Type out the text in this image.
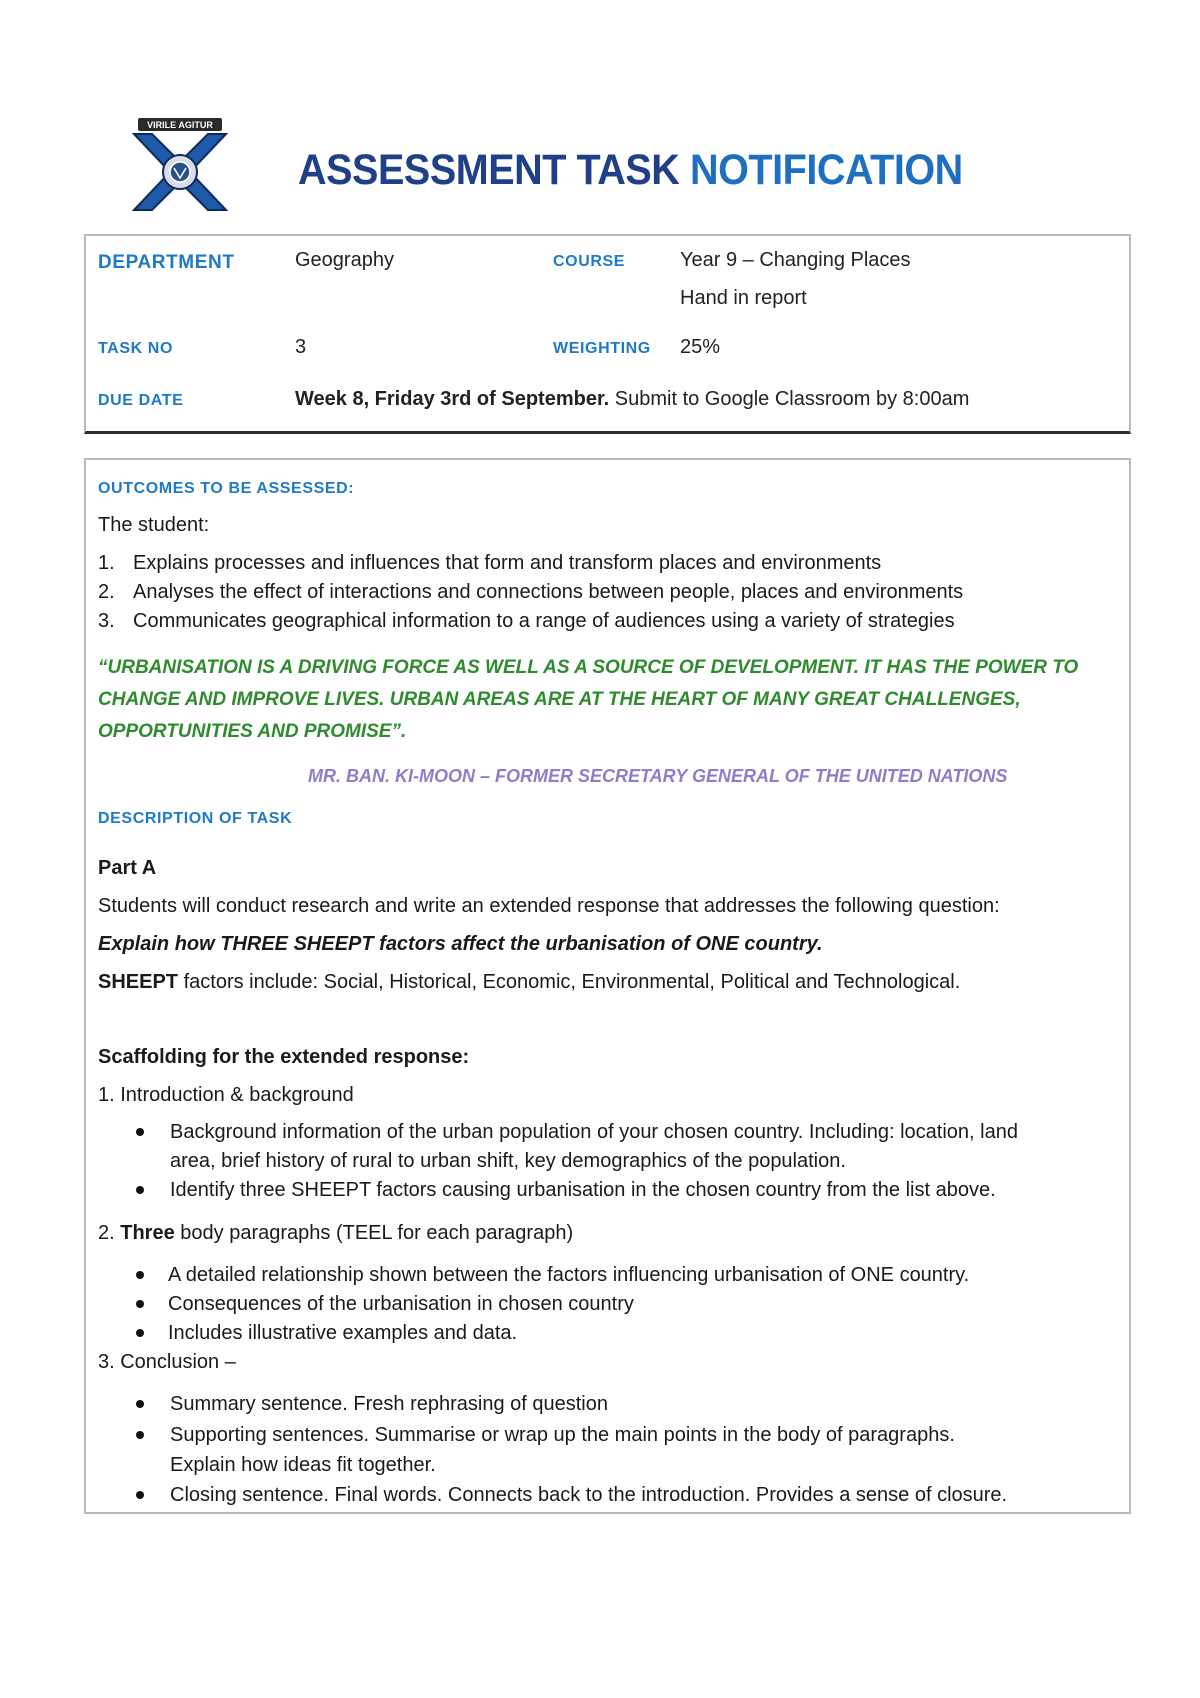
VIRILE AGITUR
ASSESSMENT TASK NOTIFICATION
DEPARTMENT	Geography	COURSE	Year 9 – Changing Places
Hand in report
TASK NO	3	WEIGHTING 25%
DUE DATE	Week 8, Friday 3rd of September. Submit to Google Classroom by 8:00am
OUTCOMES TO BE ASSESSED:
The student:
1. Explains processes and influences that form and transform places and environments
2. Analyses the effect of interactions and connections between people, places and environments
3. Communicates geographical information to a range of audiences using a variety of strategies
“URBANISATION IS A DRIVING FORCE AS WELL AS A SOURCE OF DEVELOPMENT. IT HAS THE POWER TO
CHANGE AND IMPROVE LIVES. URBAN AREAS ARE AT THE HEART OF MANY GREAT CHALLENGES,
OPPORTUNITIES AND PROMISE”.
MR. BAN. KI-MOON – FORMER SECRETARY GENERAL OF THE UNITED NATIONS
DESCRIPTION OF TASK
Part A
Students will conduct research and write an extended response that addresses the following question:
Explain how THREE SHEEPT factors affect the urbanisation of ONE country.
SHEEPT factors include: Social, Historical, Economic, Environmental, Political and Technological.
Scaffolding for the extended response:
1. Introduction & background
Background information of the urban population of your chosen country. Including: location, land
area, brief history of rural to urban shift, key demographics of the population.
Identify three SHEEPT factors causing urbanisation in the chosen country from the list above.
2. Three body paragraphs (TEEL for each paragraph)
A detailed relationship shown between the factors influencing urbanisation of ONE country.
Consequences of the urbanisation in chosen country
Includes illustrative examples and data.
3. Conclusion –
Summary sentence. Fresh rephrasing of question
Supporting sentences. Summarise or wrap up the main points in the body of paragraphs.
Explain how ideas fit together.
Closing sentence. Final words. Connects back to the introduction. Provides a sense of closure.
